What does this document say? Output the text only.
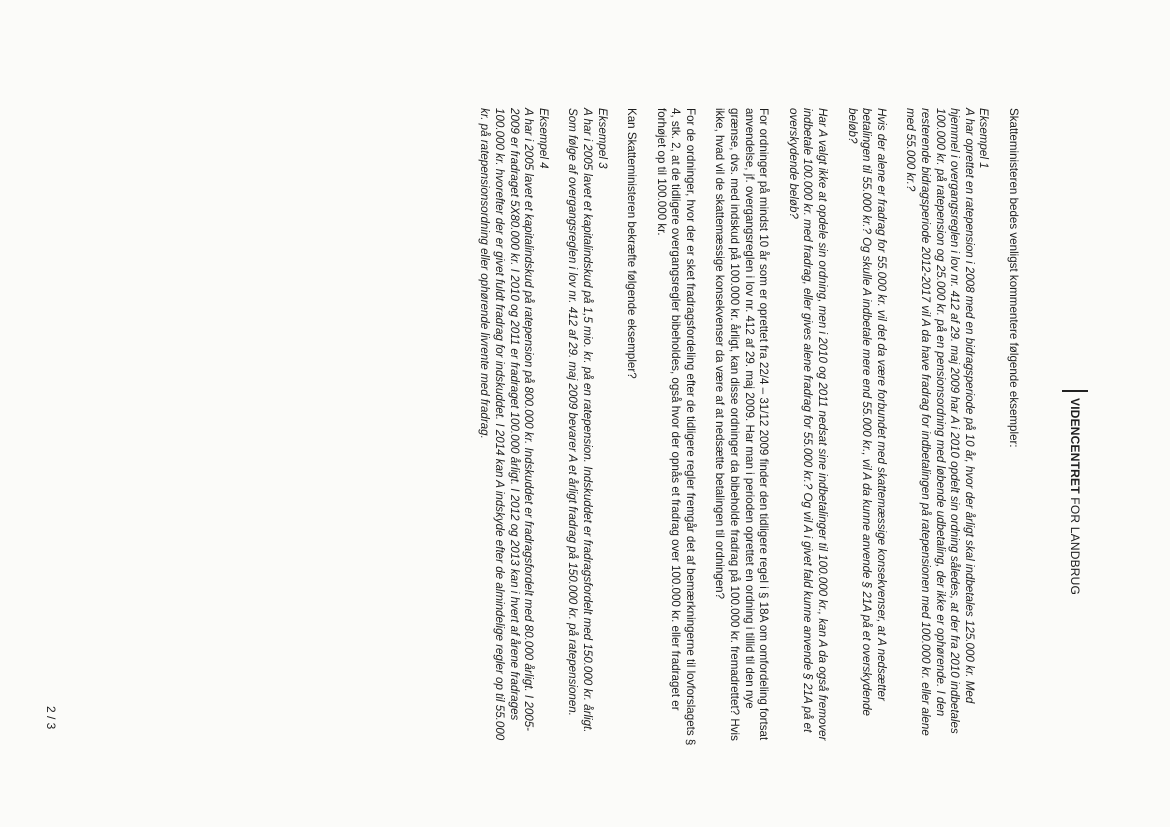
VIDENCENTRET FOR LANDBRUG

Skatteministeren bedes venligst kommentere følgende eksempler:

Eksempel 1

A har oprettet en ratepension i 2008 med en bidragsperiode på 10 år, hvor der årligt skal indbetales 125.000 kr. Med hjemmel i overgangsreglen i lov nr. 412 af 29. maj 2009 har A i 2010 opdelt sin ordning således, at der fra 2010 indbetales 100.000 kr. på ratepension og 25.000 kr. på en pensionsordning med løbende udbetaling, der ikke er ophørende. I den resterende bidragsperiode 2012-2017 vil A da have fradrag for indbetalingen på ratepensionen med 100.000 kr. eller alene med 55.000 kr.?

Hvis der alene er fradrag for 55.000 kr. vil det da være forbundet med skattemæssige konsekvenser, at A nedsætter betalingen til 55.000 kr.? Og skulle A indbetale mere end 55.000 kr., vil A da kunne anvende § 21A på et overskydende beløb?

Har A valgt ikke at opdele sin ordning, men i 2010 og 2011 nedsat sine indbetalinger til 100.000 kr., kan A da også fremover indbetale 100.000 kr. med fradrag, eller gives alene fradrag for 55.000 kr.? Og vil A i givet fald kunne anvende § 21A på et overskydende beløb?

For ordninger på mindst 10 år som er oprettet fra 22/4 – 31/12 2009 finder den tidligere regel i § 18A om omfordeling fortsat anvendelse, jf. overgangsreglen i lov nr. 412 af 29. maj 2009. Har man i perioden oprettet en ordning i tillid til den nye grænse, dvs. med indskud på 100.000 kr. årligt, kan disse ordninger da bibeholde fradrag på 100.000 kr. fremadrettet? Hvis ikke, hvad vil de skattemæssige konsekvenser da være af at nedsætte betalingen til ordningen?

For de ordninger, hvor der er sket fradragsfordeling efter de tidligere regler fremgår det af bemærkningerne til lovforslagets § 4, stk. 2, at de tidligere overgangsregler bibeholdes, også hvor der opnås et fradrag over 100.000 kr. eller fradraget er forhøjet op til 100.000 kr.

Kan Skatteministeren bekræfte følgende eksempler?

Eksempel 3

A har i 2005 lavet et kapitalindskud på 1,5 mio. kr. på en ratepension. Indskuddet er fradragsfordelt med 150.000 kr. årligt. Som følge af overgangsreglen i lov nr. 412 af 29. maj 2009 bevarer A et årligt fradrag på 150.000 kr. på ratepensionen.

Eksempel 4

A har i 2005 lavet et kapitalindskud på ratepension på 800.000 kr. Indskuddet er fradragsfordelt med 80.000 årligt. I 2005-2009 er fradraget 5X80.000 kr. I 2010 og 2011 er fradraget 100.000 årligt. I 2012 og 2013 kan i hvert af årene fradrages 100.000 kr. hvorefter der er givet fuldt fradrag for indskuddet. I 2014 kan A indskyde efter de almindelige regler op til 55.000 kr. på ratepensionsordning eller ophørende livrente med fradrag.

2 / 3
